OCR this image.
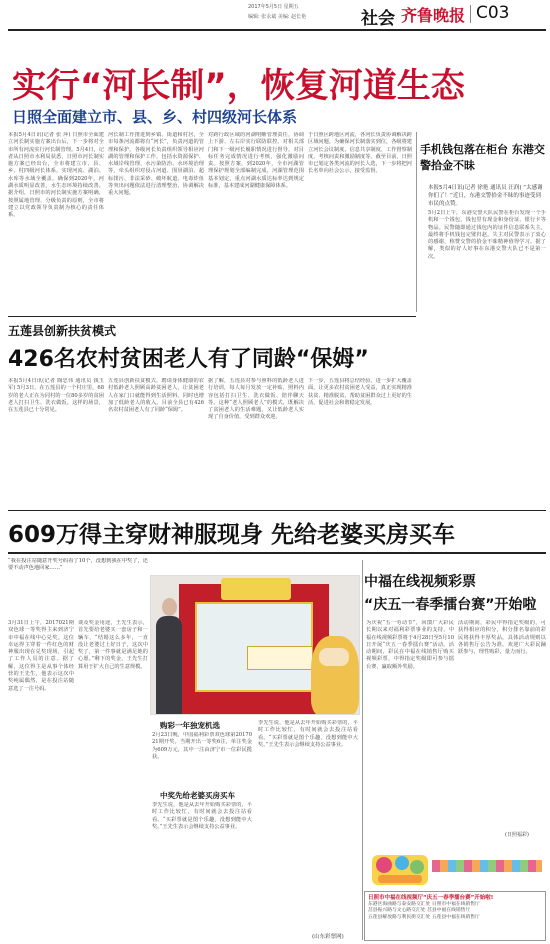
2017年5月5日 星期五
编辑: 张永斌 美编: 赵长艳	社会 齐鲁晚报 C03
实行“河长制”，恢复河道生态
日照全面建立市、县、乡、村四级河长体系
本报5月4日讯(记者 张 萍) 日照市全面建立河长制实施方案出台后，下一步将对全市所有河流实行河长制管理。5月4日，记者从日照市水利局获悉，日照市河长制实施方案已经出台，全市将建立市、县、乡、村四级河长体系，实现河流、湖泊、水库等水域全覆盖，确保到2020年，河湖水质明显改善，水生态环境持续改善。据介绍，日照市的河长制实施方案明确，按照属地管理、分级负责的原则，全市将建立以党政领导负责制为核心的责任体系。
河长制工作推进到乡镇、街道和村居，全市每条河流都将有“河长”，负责河道的管理和保护。各级河长负责组织领导相应河湖的管理和保护工作，包括水资源保护、水域岸线管理、水污染防治、水环境治理等，牵头组织对侵占河道、围垦湖泊、超标排污、非法采砂、破坏航道、电毒炸鱼等突出问题依法进行清理整治，协调解决重大问题。
对跨行政区域的河湖明晰管理责任，协调上下游、左右岸实行联防联控。对相关部门和下一级河长履职情况进行督导，对目标任务完成情况进行考核，强化激励问责。按照方案，到2020年，全市河湖管理保护规划全部编制完成，河湖管理范围基本划定，重点河湖水质达标率达到规定标准，基本建成河湖健康保障体系。
于日照区跨地区河流，各河长负责协调解决跨区域问题。为确保河长制落实到位，各级将建立河长会议制度、信息共享制度、工作督察制度、考核问责和激励制度等。截至目前，日照市已划定各类河流的河长人选，下一步将把河长名单向社会公示，接受监督。
手机钱包落在柜台 东港交警拾金不昧
本报5月4日讯(记者 徐艳 通讯员 汪润) “太感谢你们了！”近日，东港交警拾金不昧的事迹受到市民的点赞。
5月2日上午，东港交警大队民警在柜台发现一个手机和一个钱包，钱包里有现金和身份证、银行卡等物品。民警随即通过钱包内的证件信息联系失主，最终将手机钱包完璧归赵。失主对民警表示了衷心的感谢，称赞交警的拾金不昧精神值得学习。据了解，类似的好人好事在东港交警大队已不是第一次。
五莲县创新扶贫模式
426名农村贫困老人有了同龄“保姆”
本报5月4日讯(记者 陶忠伟 通讯员 钱玉军) 5月3日，在五莲县的一个村庄里，68岁的老人正在为同村的一位80多岁的贫困老人打扫卫生、洗衣做饭。这样的场景，在五莲县已十分常见。
五莲县创新扶贫模式，聘请身体健康的农村低龄老人照顾高龄贫困老人，让贫困老人在家门口就能得到生活照料，同时也增加了低龄老人的收入。目前全县已有426名农村贫困老人有了同龄“保姆”。
据了解，五莲县对参与照料的低龄老人进行培训，每人每月发放一定补贴，照料内容包括打扫卫生、洗衣做饭、陪伴聊天等。这种“老人照顾老人”的模式，既解决了贫困老人的生活难题，又让低龄老人实现了自身价值，受到群众欢迎。
下一步，五莲县将总结经验，进一步扩大覆盖面，让更多农村贫困老人受益，真正实现精准扶贫、精准脱贫，帮助贫困群众过上更好的生活，促进社会和谐稳定发展。
609万得主穿财神服现身 先给老婆买房买车
“我在投注站随意开奖号码看了10个，没想到我在中奖了，还要不动声色地回家……”
3月31日上午，2017021期双色球一等奖得主来到济宁市中福在线中心兑奖。这位幸运得主穿着一件红色的财神服出现在兑奖现场，引起了工作人员的注意。据了解，这位得主是从事个体经营的王先生，他表示这次中奖纯属偶然，是在投注站随意选了一注号码。
谈及奖金用途，王先生表示，首先要给老婆买一套房子和一辆车，“结婚这么多年，一直没让老婆过上好日子，这次中奖了，第一件事就是满足她的心愿。”剩下的奖金，王先生打算用于扩大自己的生意规模。
购彩一年独宠机选
2月23日晚，中国福利彩票双色球第2017021期开奖。当期开出一等奖6注，单注奖金为609万元，其中一注由济宁市一位彩民揽获。
中奖先给老婆买房买车
李先生说，他是从去年开始购买彩票的，平时工作比较忙，有时间就会去投注站看看。“买彩票就是图个乐趣，没想到能中大奖。”王先生表示会继续支持公益事业。
李先生说，他是从去年开始购买彩票的，平时工作比较忙，有时间就会去投注站看看。“买彩票就是图个乐趣，没想到能中大奖。”王先生表示会继续支持公益事业。
(山东彩票网)
中福在线视频彩票
“庆五一春季擂台赛”开始啦
为庆祝“五一劳动节”，回馈广大彩民长期以来对福利彩票事业的支持，中福在线视频彩票将于4月28日至5月10日开展“庆五一春季擂台赛”活动。活动期间，彩民在中福在线销售厅购买视频彩票，中得指定奖级即可参与擂台赛，赢取额外奖励。
活动期间，彩民中得指定奖级的，可获得相应的积分，积分排名靠前的彩民将获得丰厚奖品。具体活动规则以各销售厅公告为准。欢迎广大彩民踊跃参与，理性购彩，量力而行。
(日照福彩)
日照市中福在线视频厅“庆五一春季擂台赛”开始啦!
东港区海曲路与泰安路交汇处 日照市中福在线销售厅
莒县振兴路与文心路交汇处 莒县中福在线销售厅
五莲县解放路与利民街交汇处 五莲县中福在线销售厅
